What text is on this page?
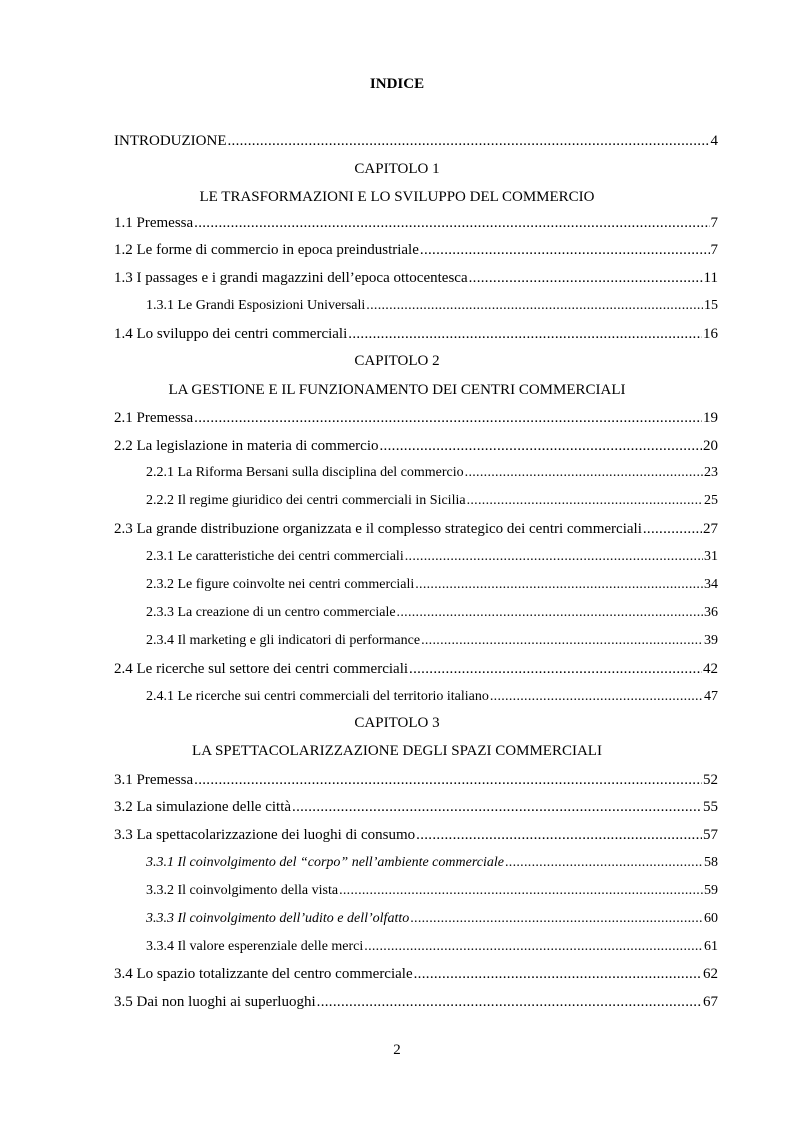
INDICE
INTRODUZIONE .....	4
CAPITOLO 1
LE TRASFORMAZIONI E LO SVILUPPO DEL COMMERCIO
1.1 Premessa .....	7
1.2 Le forme di commercio in epoca preindustriale .....	7
1.3 I passages e i grandi magazzini dell’epoca ottocentesca .....	11
1.3.1 Le Grandi Esposizioni Universali .....	15
1.4 Lo sviluppo dei centri commerciali .....	16
CAPITOLO 2
LA GESTIONE E IL FUNZIONAMENTO DEI CENTRI COMMERCIALI
2.1 Premessa .....	19
2.2 La legislazione in materia di commercio .....	20
2.2.1 La Riforma Bersani sulla disciplina del commercio .....	23
2.2.2 Il regime giuridico dei centri commerciali in Sicilia .....	25
2.3 La grande distribuzione organizzata e il complesso strategico dei centri commerciali .....	27
2.3.1 Le caratteristiche dei centri commerciali .....	31
2.3.2 Le figure coinvolte nei centri commerciali .....	34
2.3.3 La creazione di un centro commerciale .....	36
2.3.4 Il marketing e gli indicatori di performance .....	39
2.4 Le ricerche sul settore dei centri commerciali .....	42
2.4.1 Le ricerche sui centri commerciali del territorio italiano .....	47
CAPITOLO 3
LA SPETTACOLARIZZAZIONE DEGLI SPAZI COMMERCIALI
3.1 Premessa .....	52
3.2 La simulazione delle città .....	55
3.3 La spettacolarizzazione dei luoghi di consumo .....	57
3.3.1 Il coinvolgimento del “corpo” nell’ambiente commerciale .....	58
3.3.2 Il coinvolgimento della vista .....	59
3.3.3 Il coinvolgimento dell’udito e dell’olfatto .....	60
3.3.4 Il valore esperenziale delle merci .....	61
3.4 Lo spazio totalizzante del centro commerciale .....	62
3.5 Dai non luoghi ai superluoghi .....	67
2
